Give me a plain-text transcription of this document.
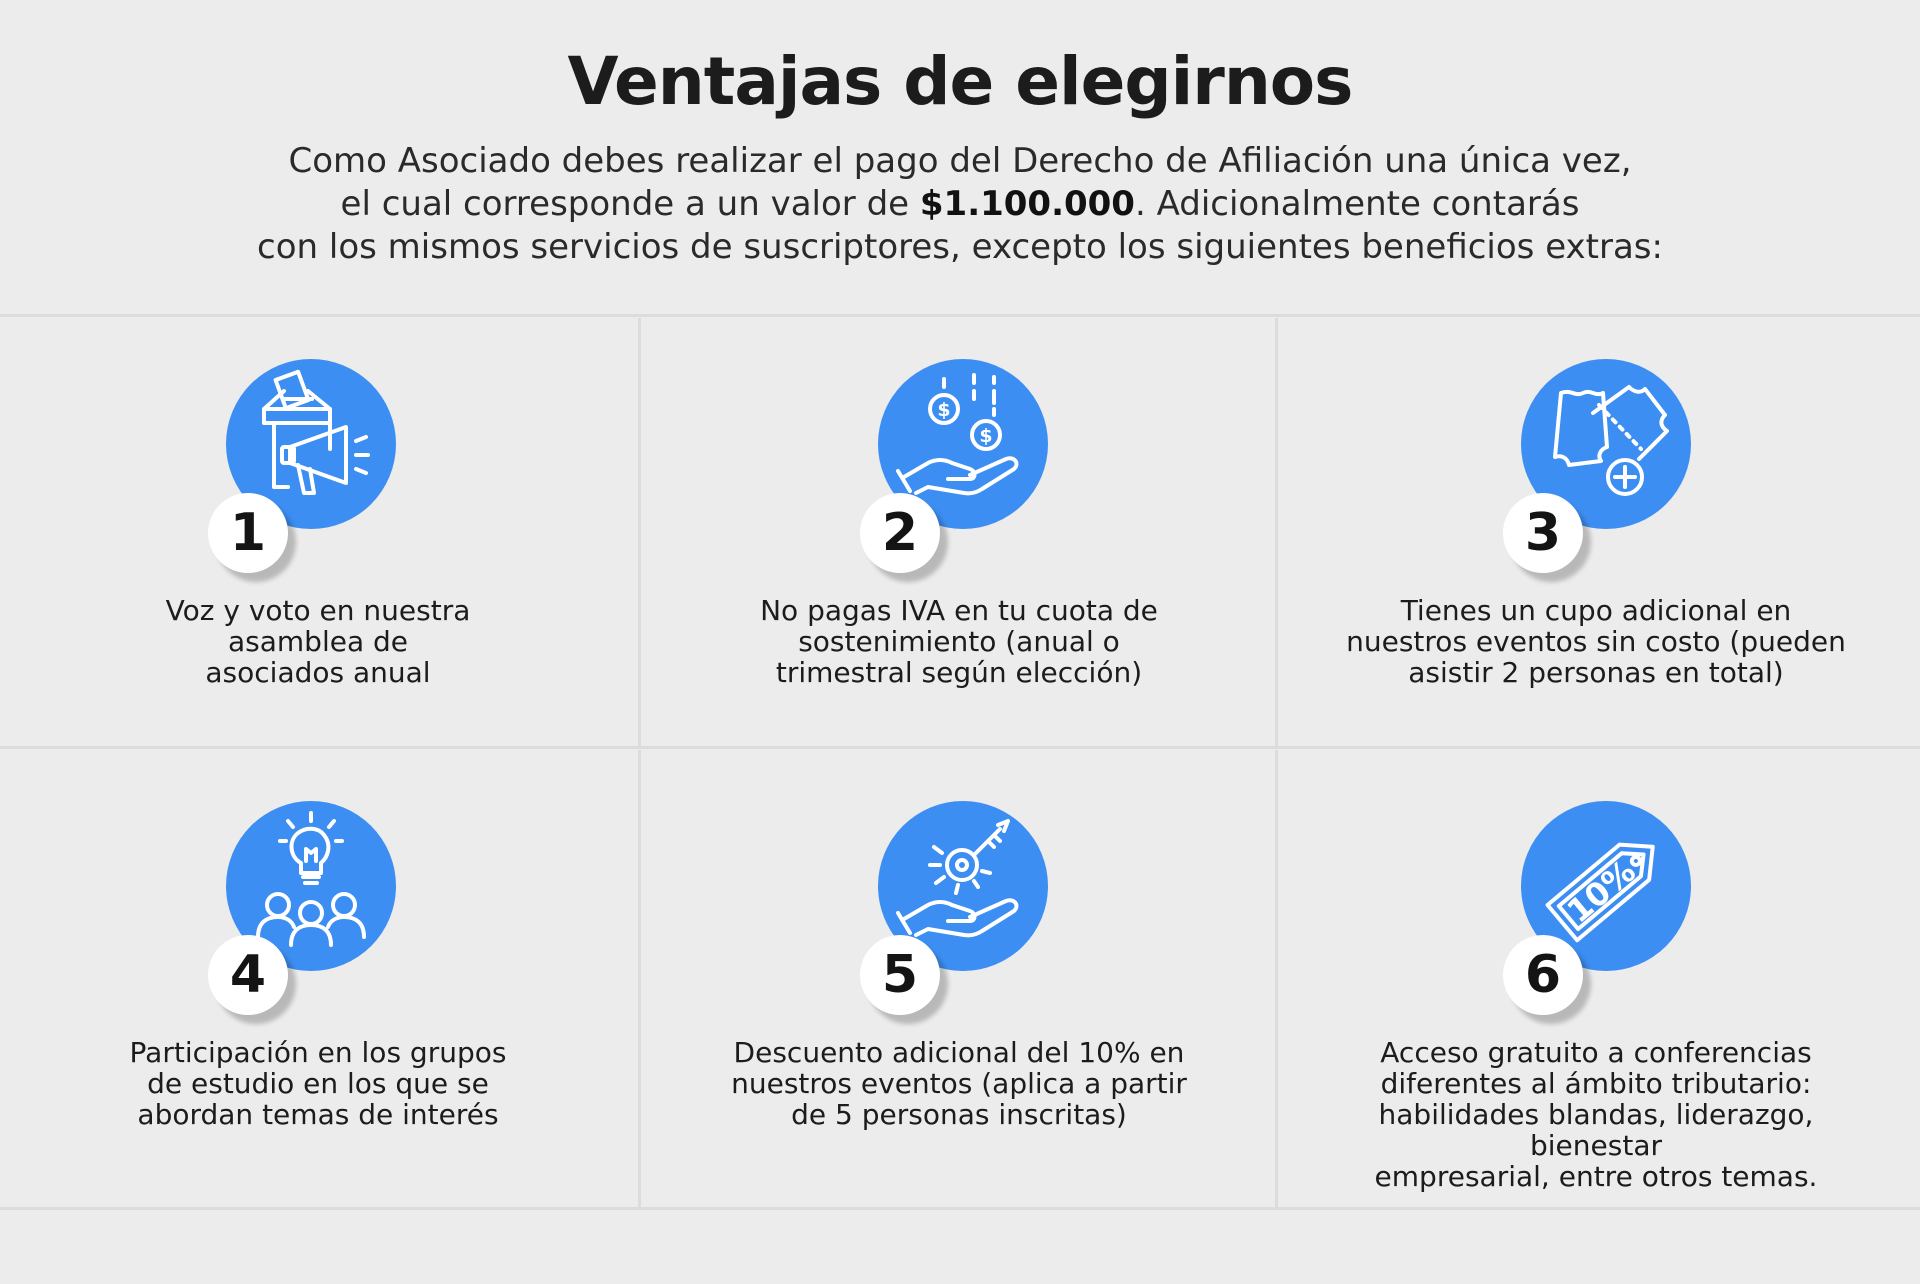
Ventajas de elegirnos
Como Asociado debes realizar el pago del Derecho de Afiliación una única vez,
el cual corresponde a un valor de $1.100.000. Adicionalmente contarás
con los mismos servicios de suscriptores, excepto los siguientes beneficios extras:
1
Voz y voto en nuestra
asamblea de
asociados anual
$
$
2
No pagas IVA en tu cuota de
sostenimiento (anual o
trimestral según elección)
3
Tienes un cupo adicional en
nuestros eventos sin costo (pueden
asistir 2 personas en total)
4
Participación en los grupos
de estudio en los que se
abordan temas de interés
5
Descuento adicional del 10% en
nuestros eventos (aplica a partir
de 5 personas inscritas)
10%
6
Acceso gratuito a conferencias
diferentes al ámbito tributario:
habilidades blandas, liderazgo, bienestar
empresarial, entre otros temas.
